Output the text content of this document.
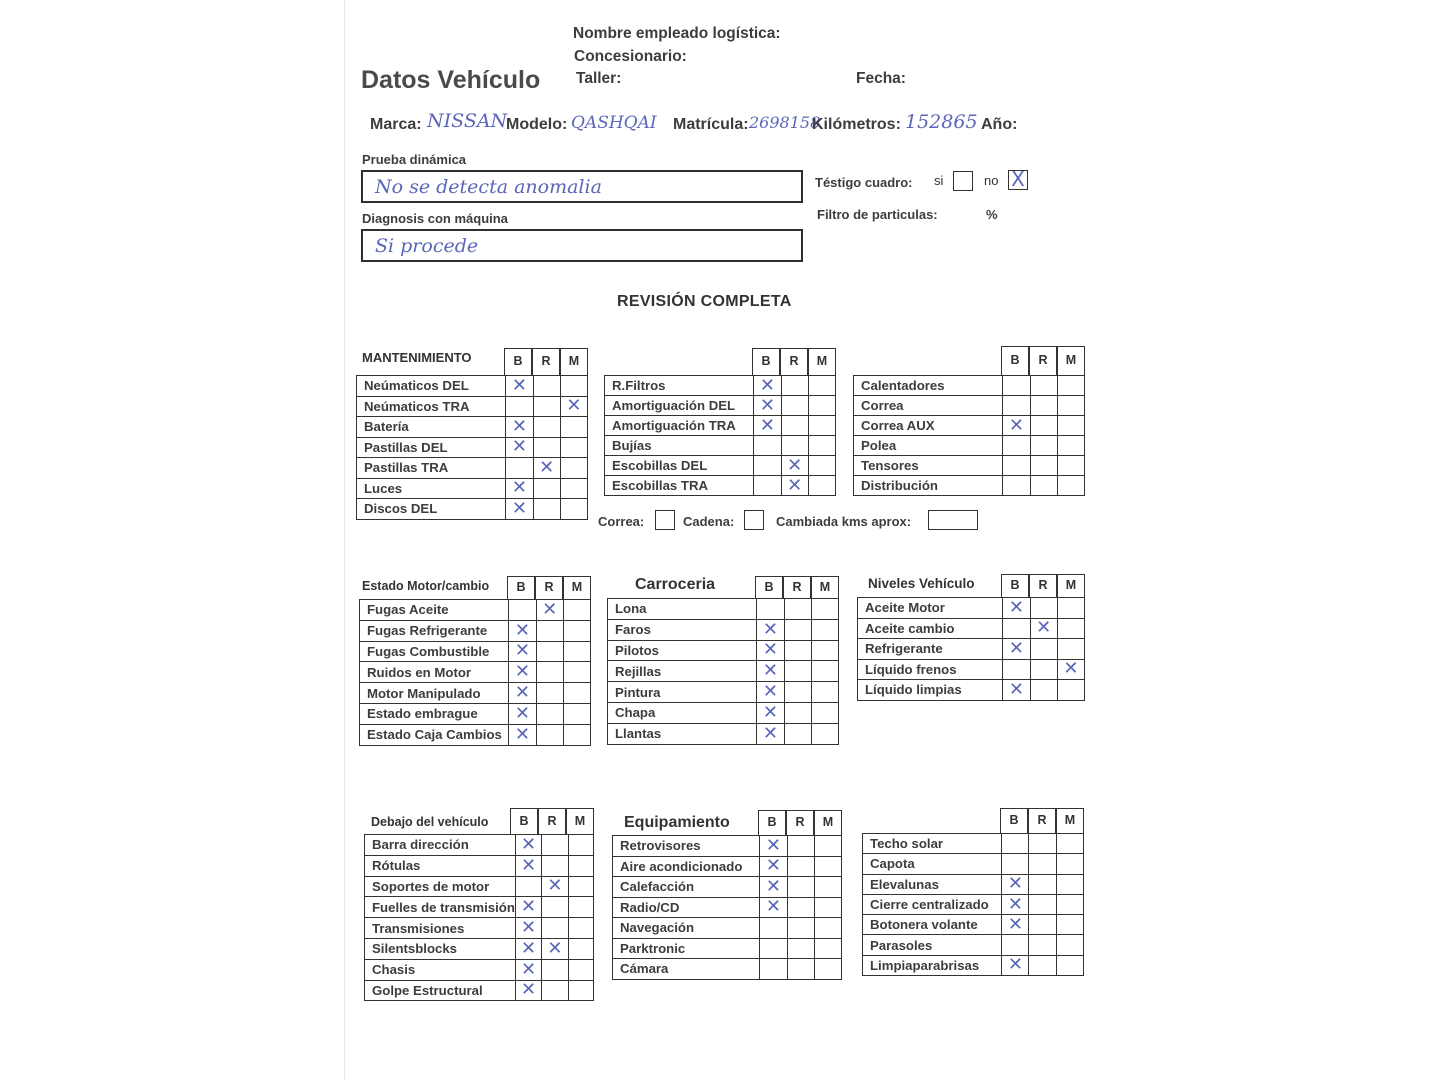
Nombre empleado logística:
Concesionario:
Taller:	Fecha:
Datos Vehículo
Marca: NISSAN
Modelo: QASHQAI Matrícula: 2698158
Kilómetros: 152865 Año:
Prueba dinámica
No se detecta anomalia
Diagnosis con máquina
Si procede
Téstigo cuadro: si	no X
Filtro de particulas:	%
REVISIÓN COMPLETA
MANTENIMIENTO	B	R	M
Neúmaticos DEL	✕		
Neúmaticos TRA			✕
Batería	✕		
Pastillas DEL	✕		
Pastillas TRA		✕	
Luces	✕		
Discos DEL	✕		
B	R	M
R.Filtros	✕		
Amortiguación DEL	✕		
Amortiguación TRA	✕		
Bujías			
Escobillas DEL		✕	
Escobillas TRA		✕	
B	R	M
Calentadores			
Correa			
Correa AUX	✕		
Polea			
Tensores			
Distribución			
Estado Motor/cambio	B	R	M
Fugas Aceite		✕	
Fugas Refrigerante	✕		
Fugas Combustible	✕		
Ruidos en Motor	✕		
Motor Manipulado	✕		
Estado embrague	✕		
Estado Caja Cambios	✕		
Carroceria	B	R	M
Lona			
Faros	✕		
Pilotos	✕		
Rejillas	✕		
Pintura	✕		
Chapa	✕		
Llantas	✕		
Niveles Vehículo	B	R	M
Aceite Motor	✕		
Aceite cambio		✕	
Refrigerante	✕		
Líquido frenos			✕
Líquido limpias	✕		
Debajo del vehículo	B	R	M
Barra dirección	✕		
Rótulas	✕		
Soportes de motor		✕	
Fuelles de transmisión	✕		
Transmisiones	✕		
Silentsblocks	✕	✕	
Chasis	✕		
Golpe Estructural	✕		
Equipamiento	B	R	M
Retrovisores	✕		
Aire acondicionado	✕		
Calefacción	✕		
Radio/CD	✕		
Navegación			
Parktronic			
Cámara			
B	R	M
Techo solar			
Capota			
Elevalunas	✕		
Cierre centralizado	✕		
Botonera volante	✕		
Parasoles			
Limpiaparabrisas	✕		
Correa:	Cadena:	Cambiada kms aprox:
